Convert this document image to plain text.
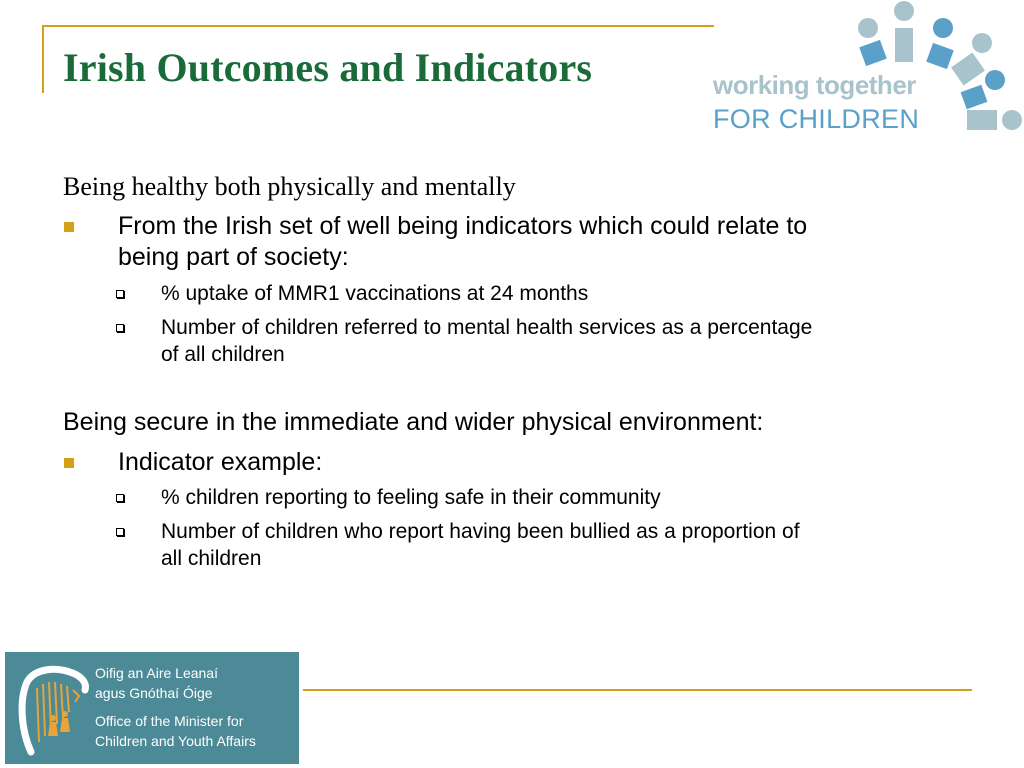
Irish Outcomes and Indicators	working together
FOR CHILDREN
Being healthy both physically and mentally
From the Irish set of well being indicators which could relate to
being part of society:
% uptake of MMR1 vaccinations at 24 months
Number of children referred to mental health services as a percentage
of all children
Being secure in the immediate and wider physical environment:
Indicator example:
% children reporting to feeling safe in their community
Number of children who report having been bullied as a proportion of
all children
Oifig an Aire Leanaí
agus Gnóthaí Óige
Office of the Minister for
Children and Youth Affairs
